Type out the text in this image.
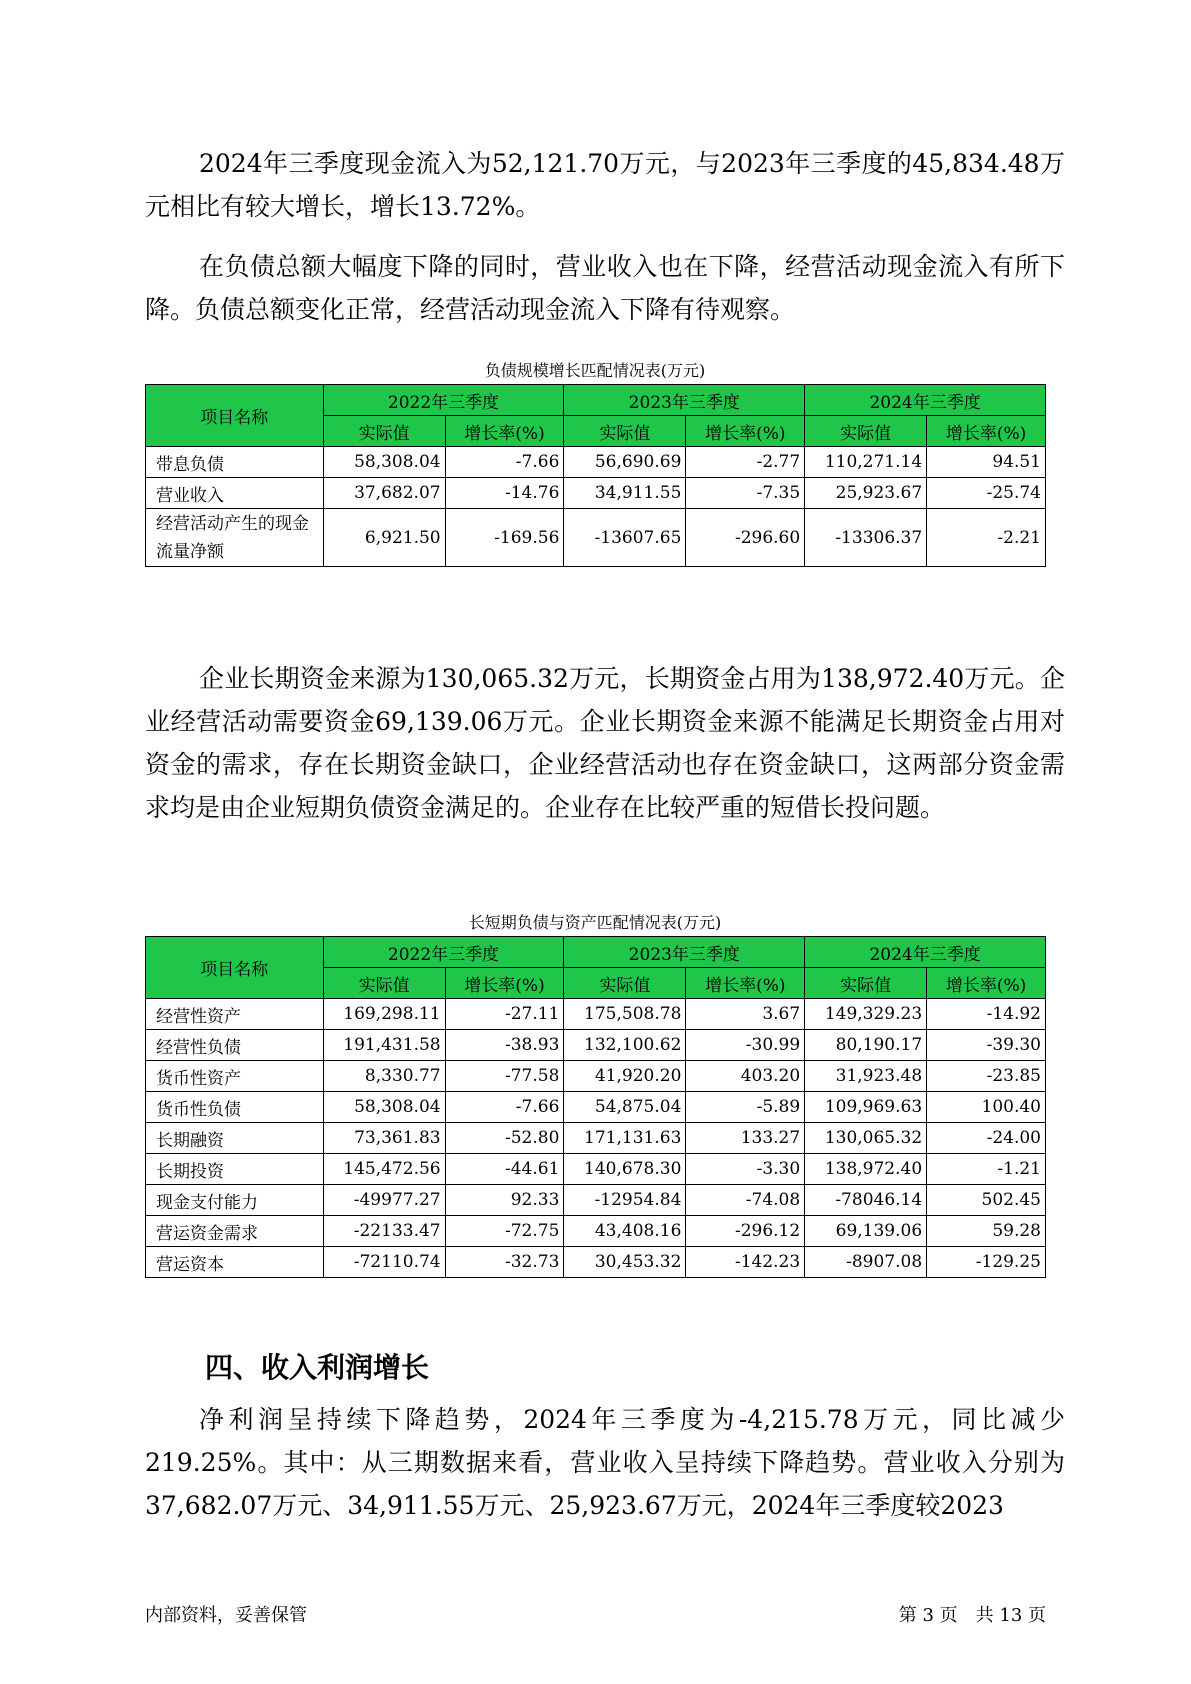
2024年三季度现金流入为52,121.70万元，与2023年三季度的45,834.48万元相比有较大增长，增长13.72%。

在负债总额大幅度下降的同时，营业收入也在下降，经营活动现金流入有所下降。负债总额变化正常，经营活动现金流入下降有待观察。

负债规模增长匹配情况表(万元)
项目名称	2022年三季度		2023年三季度		2024年三季度	
	实际值	增长率(%)	实际值	增长率(%)	实际值	增长率(%)
带息负债	58,308.04	-7.66	56,690.69	-2.77	110,271.14	94.51
营业收入	37,682.07	-14.76	34,911.55	-7.35	25,923.67	-25.74
经营活动产生的现金流量净额	6,921.50	-169.56	-13607.65	-296.60	-13306.37	-2.21

企业长期资金来源为130,065.32万元，长期资金占用为138,972.40万元。企业经营活动需要资金69,139.06万元。企业长期资金来源不能满足长期资金占用对资金的需求，存在长期资金缺口，企业经营活动也存在资金缺口，这两部分资金需求均是由企业短期负债资金满足的。企业存在比较严重的短借长投问题。

长短期负债与资产匹配情况表(万元)
项目名称	2022年三季度		2023年三季度		2024年三季度	
	实际值	增长率(%)	实际值	增长率(%)	实际值	增长率(%)
经营性资产	169,298.11	-27.11	175,508.78	3.67	149,329.23	-14.92
经营性负债	191,431.58	-38.93	132,100.62	-30.99	80,190.17	-39.30
货币性资产	8,330.77	-77.58	41,920.20	403.20	31,923.48	-23.85
货币性负债	58,308.04	-7.66	54,875.04	-5.89	109,969.63	100.40
长期融资	73,361.83	-52.80	171,131.63	133.27	130,065.32	-24.00
长期投资	145,472.56	-44.61	140,678.30	-3.30	138,972.40	-1.21
现金支付能力	-49977.27	92.33	-12954.84	-74.08	-78046.14	502.45
营运资金需求	-22133.47	-72.75	43,408.16	-296.12	69,139.06	59.28
营运资本	-72110.74	-32.73	30,453.32	-142.23	-8907.08	-129.25
四、收入利润增长

净利润呈持续下降趋势，2024年三季度为-4,215.78万元，同比减少219.25%。其中：从三期数据来看，营业收入呈持续下降趋势。营业收入分别为37,682.07万元、34,911.55万元、25,923.67万元，2024年三季度较2023

内部资料，妥善保管	第 3 页　共 13 页
